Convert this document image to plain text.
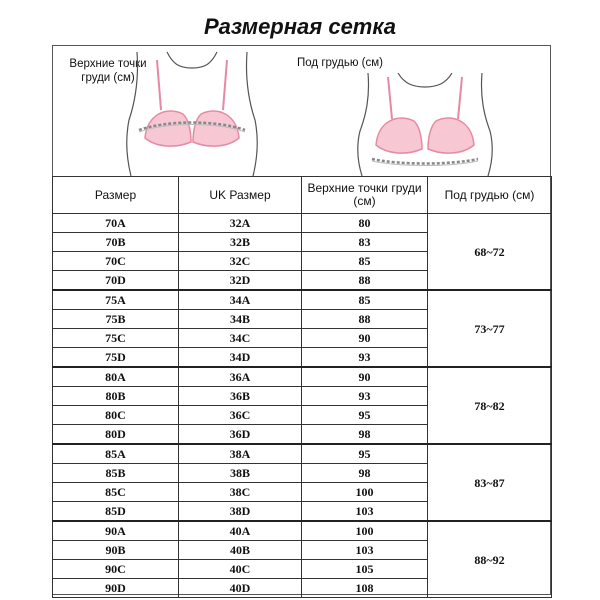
Размерная сетка
Верхние точки груди (см)
Под грудью (см)
Размер	UK Размер	Верхние точки груди (см)	Под грудью (см)
70A	32A	80	68~72
70B	32B	83	
70C	32C	85	
70D	32D	88	
75A	34A	85	73~77
75B	34B	88	
75C	34C	90	
75D	34D	93	
80A	36A	90	78~82
80B	36B	93	
80C	36C	95	
80D	36D	98	
85A	38A	95	83~87
85B	38B	98	
85C	38C	100	
85D	38D	103	
90A	40A	100	88~92
90B	40B	103	
90C	40C	105	
90D	40D	108	
